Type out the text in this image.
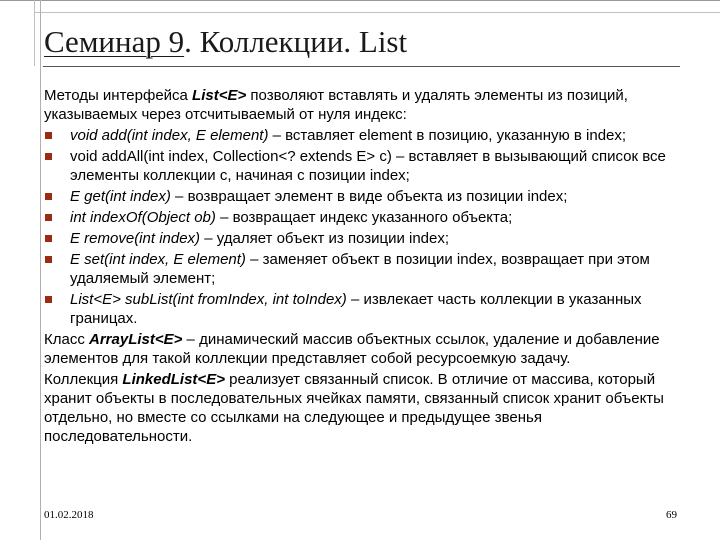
Семинар 9. Коллекции. List

Методы интерфейса List<E> позволяют вставлять и удалять элементы из позиций, указываемых через отсчитываемый от нуля индекс:

void add(int index, E element) – вставляет element в позицию, указанную в index;

void addAll(int index, Collection<? extends E> c) – вставляет в вызывающий список все элементы коллекции c, начиная с позиции index;

E get(int index) – возвращает элемент в виде объекта из позиции index;

int indexOf(Object ob) – возвращает индекс указанного объекта;

E remove(int index) – удаляет объект из позиции index;

E set(int index, E element) – заменяет объект в позиции index, возвращает при этом удаляемый элемент;

List<E> subList(int fromIndex, int toIndex) – извлекает часть коллекции в указанных границах.

Класс ArrayList<E> – динамический массив объектных ссылок, удаление и добавление элементов для такой коллекции представляет собой ресурсоемкую задачу.

Коллекция LinkedList<E> реализует связанный список. В отличие от массива, который хранит объекты в последовательных ячейках памяти, связанный список хранит объекты отдельно, но вместе со ссылками на следующее и предыдущее звенья последовательности.

01.02.2018	69
